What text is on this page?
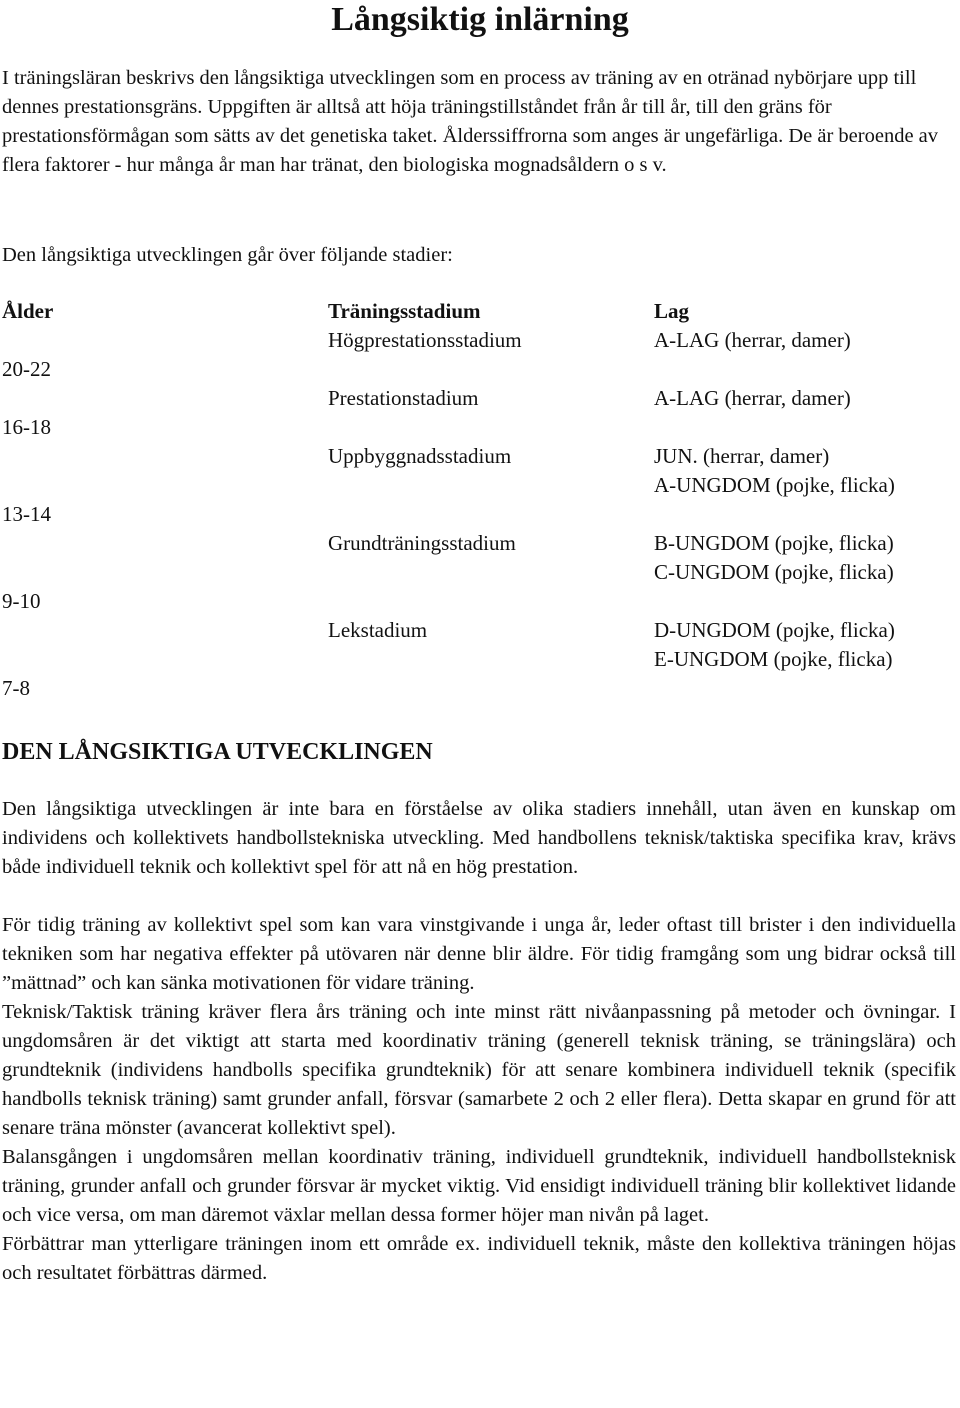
Långsiktig inlärning

I träningsläran beskrivs den långsiktiga utvecklingen som en process av träning av en otränad nybörjare upp till dennes prestationsgräns. Uppgiften är alltså att höja träningstillståndet från år till år, till den gräns för prestationsförmågan som sätts av det genetiska taket. Ålderssiffrorna som anges är ungefärliga. De är beroende av flera faktorer - hur många år man har tränat, den biologiska mognadsåldern o s v.

Den långsiktiga utvecklingen går över följande stadier:
Ålder	Träningsstadium	Lag
20-22
16-18
13-14
9-10
7-8
Högprestationsstadium
Prestationstadium
Uppbyggnadsstadium
Grundträningsstadium
Lekstadium
A-LAG (herrar, damer)
A-LAG (herrar, damer)
JUN. (herrar, damer)
A-UNGDOM (pojke, flicka)
B-UNGDOM (pojke, flicka)
C-UNGDOM (pojke, flicka)
D-UNGDOM (pojke, flicka)
E-UNGDOM (pojke, flicka)
DEN LÅNGSIKTIGA UTVECKLINGEN

Den långsiktiga utvecklingen är inte bara en förståelse av olika stadiers innehåll, utan även en kunskap om individens och kollektivets handbollstekniska utveckling. Med handbollens teknisk/taktiska specifika krav, krävs både individuell teknik och kollektivt spel för att nå en hög prestation.

För tidig träning av kollektivt spel som kan vara vinstgivande i unga år, leder oftast till brister i den individuella tekniken som har negativa effekter på utövaren när denne blir äldre. För tidig framgång som ung bidrar också till ”mättnad” och kan sänka motivationen för vidare träning.

Teknisk/Taktisk träning kräver flera års träning och inte minst rätt nivåanpassning på metoder och övningar. I ungdomsåren är det viktigt att starta med koordinativ träning (generell teknisk träning, se träningslära) och grundteknik (individens handbolls specifika grundteknik) för att senare kombinera individuell teknik (specifik handbolls teknisk träning) samt grunder anfall, försvar (samarbete 2 och 2 eller flera). Detta skapar en grund för att senare träna mönster (avancerat kollektivt spel).

Balansgången i ungdomsåren mellan koordinativ träning, individuell grundteknik, individuell handbollsteknisk träning, grunder anfall och grunder försvar är mycket viktig. Vid ensidigt individuell träning blir kollektivet lidande och vice versa, om man däremot växlar mellan dessa former höjer man nivån på laget.

Förbättrar man ytterligare träningen inom ett område ex. individuell teknik, måste den kollektiva träningen höjas och resultatet förbättras därmed.
